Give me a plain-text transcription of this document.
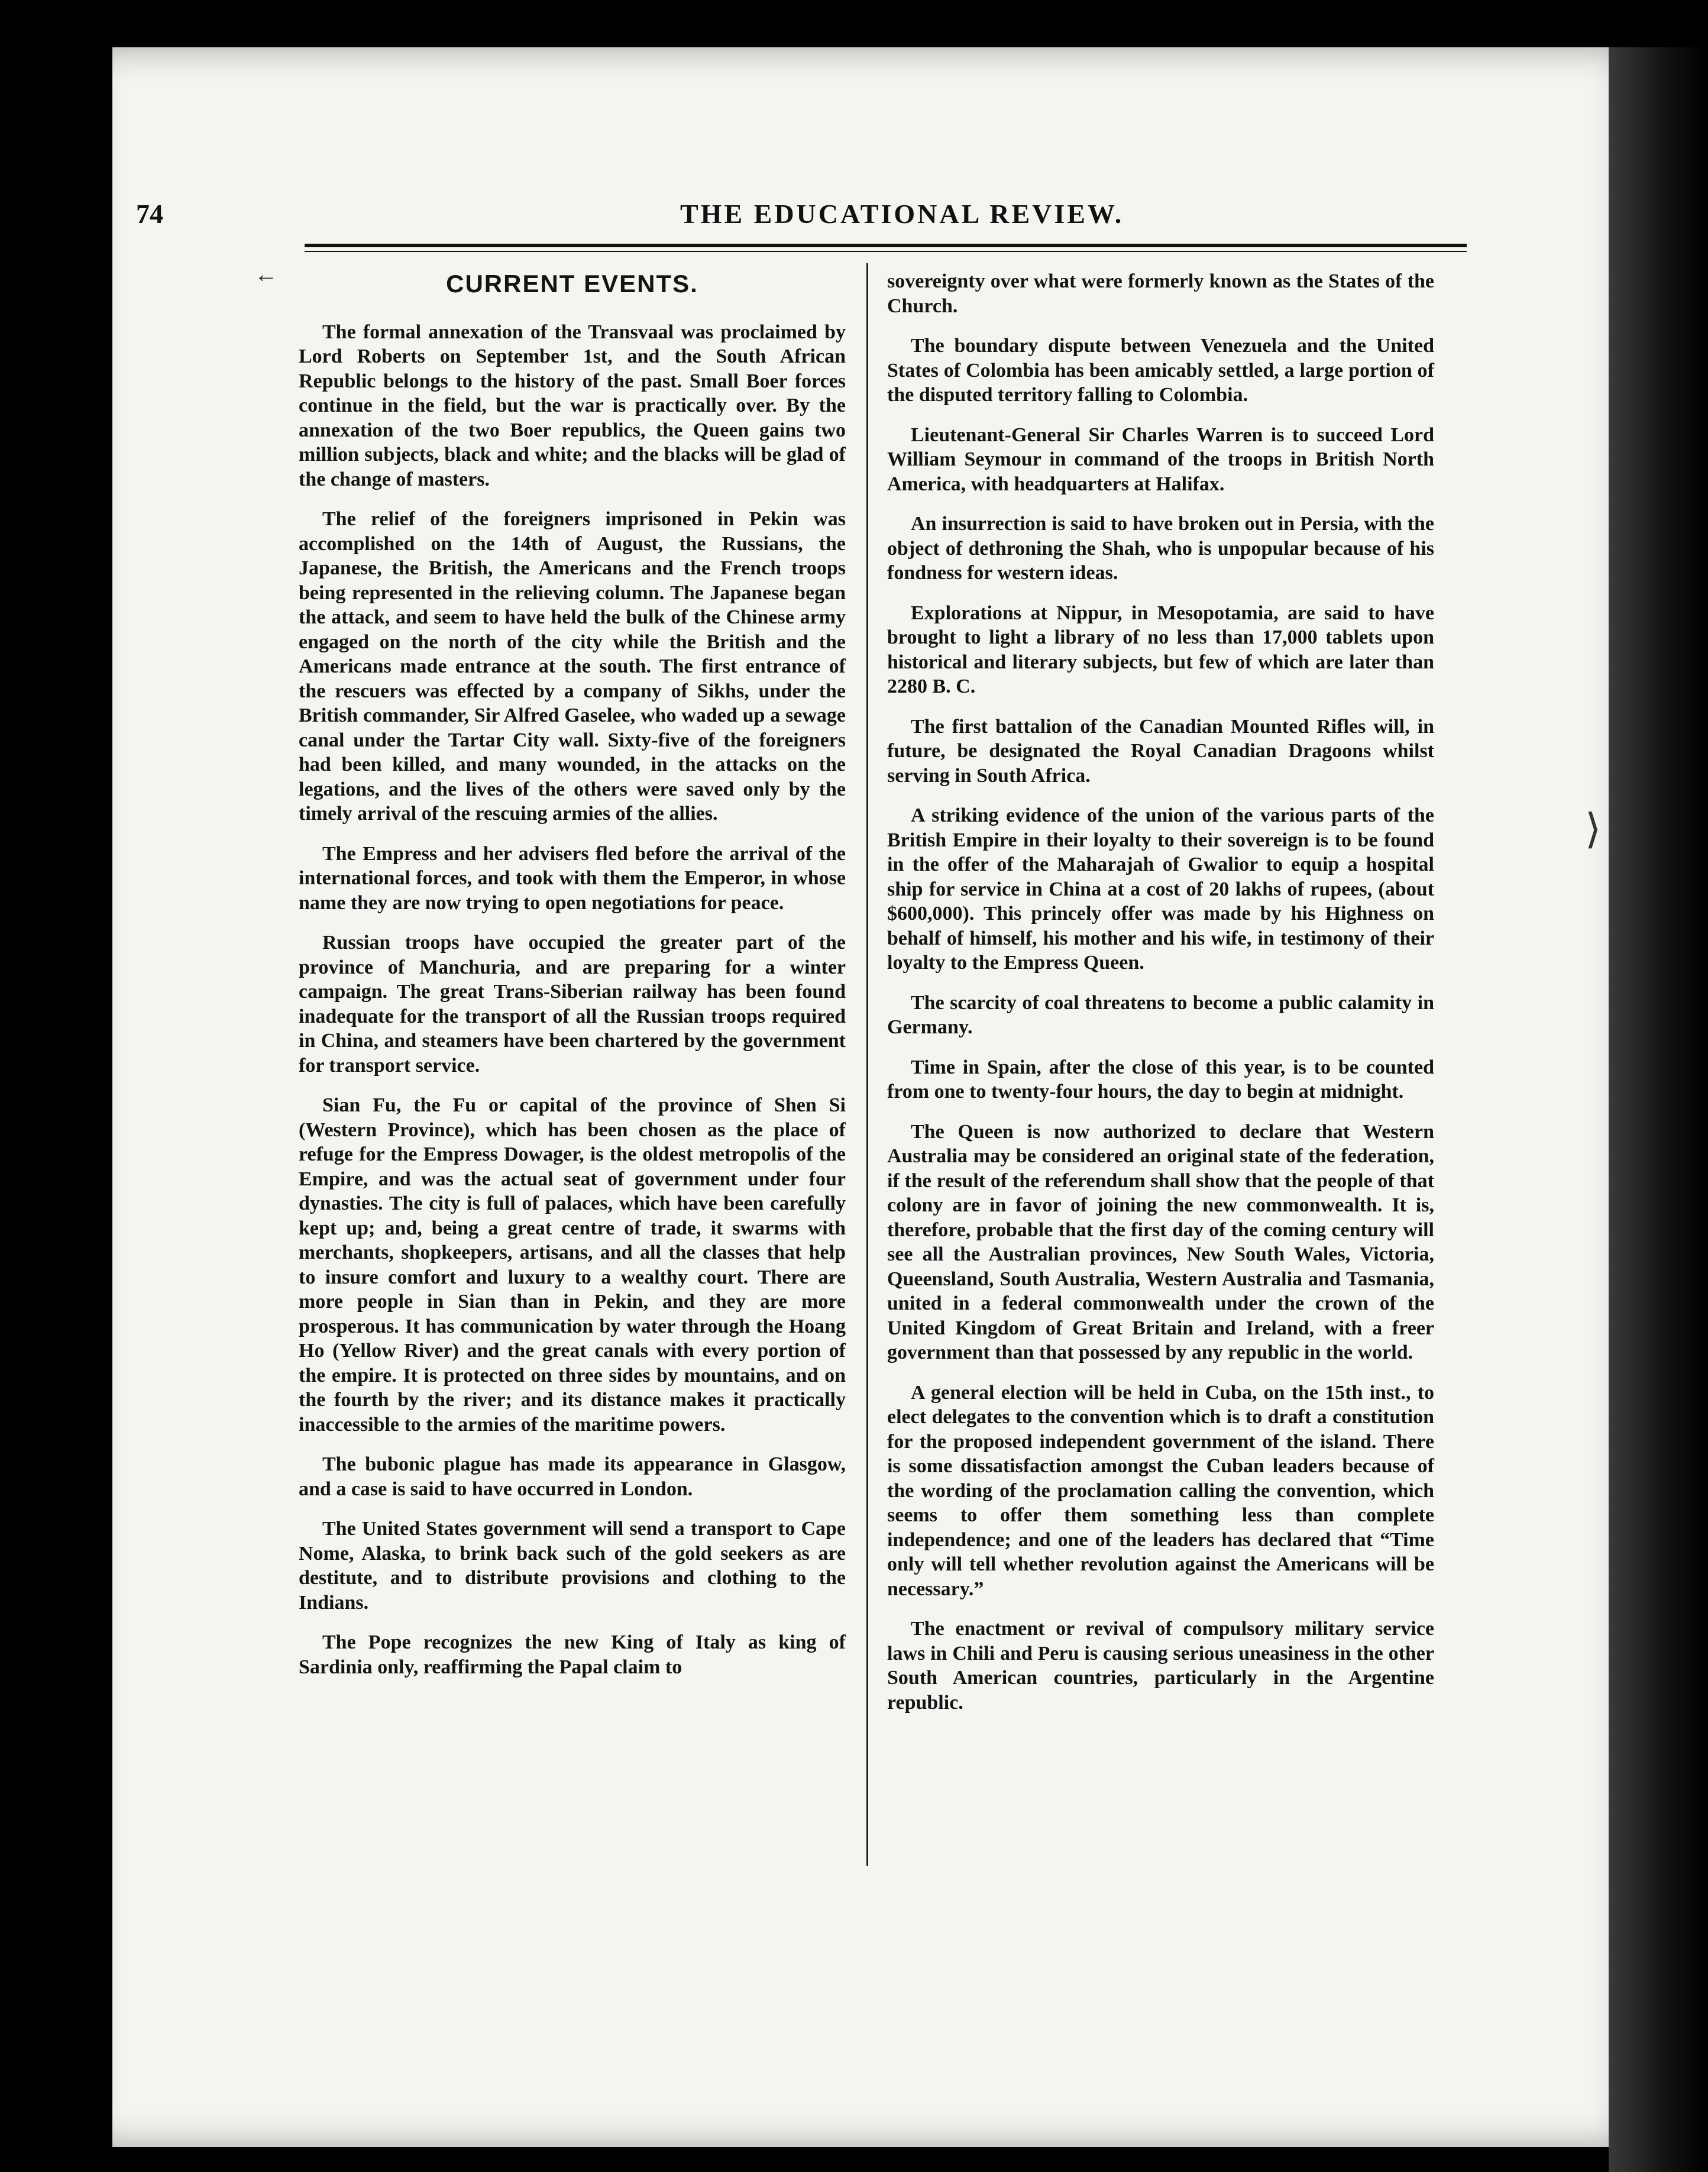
74	THE EDUCATIONAL REVIEW.
CURRENT EVENTS.

The formal annexation of the Transvaal was proclaimed by Lord Roberts on September 1st, and the South African Republic belongs to the history of the past. Small Boer forces continue in the field, but the war is practically over. By the annexation of the two Boer republics, the Queen gains two million subjects, black and white; and the blacks will be glad of the change of masters.

The relief of the foreigners imprisoned in Pekin was accomplished on the 14th of August, the Russians, the Japanese, the British, the Americans and the French troops being represented in the relieving column. The Japanese began the attack, and seem to have held the bulk of the Chinese army engaged on the north of the city while the British and the Americans made entrance at the south. The first entrance of the rescuers was effected by a company of Sikhs, under the British commander, Sir Alfred Gaselee, who waded up a sewage canal under the Tartar City wall. Sixty-five of the foreigners had been killed, and many wounded, in the attacks on the legations, and the lives of the others were saved only by the timely arrival of the rescuing armies of the allies.

The Empress and her advisers fled before the arrival of the international forces, and took with them the Emperor, in whose name they are now trying to open negotiations for peace.

Russian troops have occupied the greater part of the province of Manchuria, and are preparing for a winter campaign. The great Trans-Siberian railway has been found inadequate for the transport of all the Russian troops required in China, and steamers have been chartered by the government for transport service.

Sian Fu, the Fu or capital of the province of Shen Si (Western Province), which has been chosen as the place of refuge for the Empress Dowager, is the oldest metropolis of the Empire, and was the actual seat of government under four dynasties. The city is full of palaces, which have been carefully kept up; and, being a great centre of trade, it swarms with merchants, shopkeepers, artisans, and all the classes that help to insure comfort and luxury to a wealthy court. There are more people in Sian than in Pekin, and they are more prosperous. It has communication by water through the Hoang Ho (Yellow River) and the great canals with every portion of the empire. It is protected on three sides by mountains, and on the fourth by the river; and its distance makes it practically inaccessible to the armies of the maritime powers.

The bubonic plague has made its appearance in Glasgow, and a case is said to have occurred in London.

The United States government will send a transport to Cape Nome, Alaska, to brink back such of the gold seekers as are destitute, and to distribute provisions and clothing to the Indians.

The Pope recognizes the new King of Italy as king of Sardinia only, reaffirming the Papal claim to

sovereignty over what were formerly known as the States of the Church.

The boundary dispute between Venezuela and the United States of Colombia has been amicably settled, a large portion of the disputed territory falling to Colombia.

Lieutenant-General Sir Charles Warren is to succeed Lord William Seymour in command of the troops in British North America, with headquarters at Halifax.

An insurrection is said to have broken out in Persia, with the object of dethroning the Shah, who is unpopular because of his fondness for western ideas.

Explorations at Nippur, in Mesopotamia, are said to have brought to light a library of no less than 17,000 tablets upon historical and literary subjects, but few of which are later than 2280 B. C.

The first battalion of the Canadian Mounted Rifles will, in future, be designated the Royal Canadian Dragoons whilst serving in South Africa.

A striking evidence of the union of the various parts of the British Empire in their loyalty to their sovereign is to be found in the offer of the Maharajah of Gwalior to equip a hospital ship for service in China at a cost of 20 lakhs of rupees, (about $600,000). This princely offer was made by his Highness on behalf of himself, his mother and his wife, in testimony of their loyalty to the Empress Queen.

The scarcity of coal threatens to become a public calamity in Germany.

Time in Spain, after the close of this year, is to be counted from one to twenty-four hours, the day to begin at midnight.

The Queen is now authorized to declare that Western Australia may be considered an original state of the federation, if the result of the referendum shall show that the people of that colony are in favor of joining the new commonwealth. It is, therefore, probable that the first day of the coming century will see all the Australian provinces, New South Wales, Victoria, Queensland, South Australia, Western Australia and Tasmania, united in a federal commonwealth under the crown of the United Kingdom of Great Britain and Ireland, with a freer government than that possessed by any republic in the world.

A general election will be held in Cuba, on the 15th inst., to elect delegates to the convention which is to draft a constitution for the proposed independent government of the island. There is some dissatisfaction amongst the Cuban leaders because of the wording of the proclamation calling the convention, which seems to offer them something less than complete independence; and one of the leaders has declared that “Time only will tell whether revolution against the Americans will be necessary.”

The enactment or revival of compulsory military service laws in Chili and Peru is causing serious uneasiness in the other South American countries, particularly in the Argentine republic.

←
⟩
